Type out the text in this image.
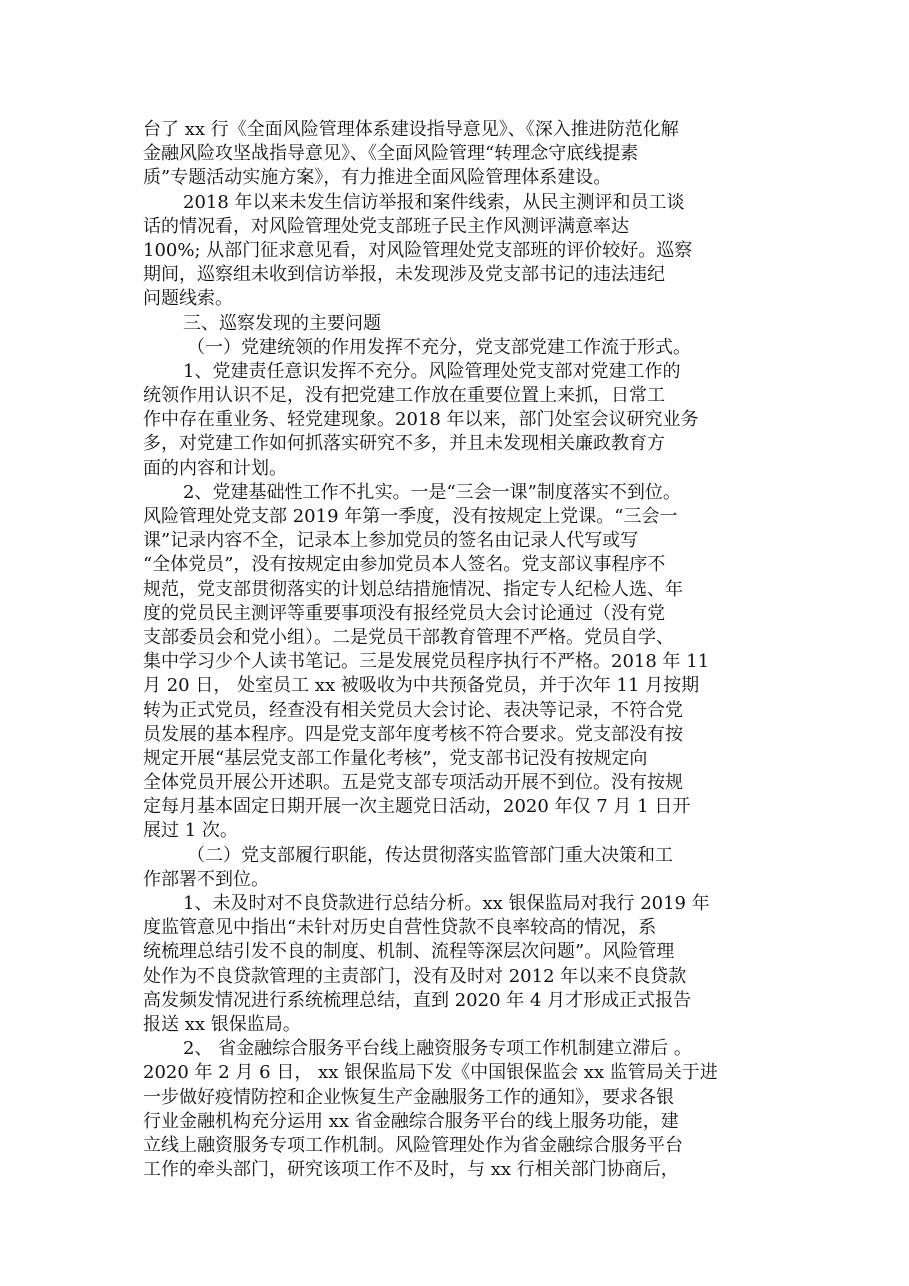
台了 xx 行《全面风险管理体系建设指导意见》、《深入推进防范化解
金融风险攻坚战指导意见》、《全面风险管理“转理念守底线提素
质”专题活动实施方案》，有力推进全面风险管理体系建设。
2018 年以来未发生信访举报和案件线索，从民主测评和员工谈
话的情况看，对风险管理处党支部班子民主作风测评满意率达
100%; 从部门征求意见看，对风险管理处党支部班的评价较好。巡察
期间，巡察组未收到信访举报，未发现涉及党支部书记的违法违纪
问题线索。
三、巡察发现的主要问题
（一）党建统领的作用发挥不充分，党支部党建工作流于形式。
1、党建责任意识发挥不充分。风险管理处党支部对党建工作的
统领作用认识不足，没有把党建工作放在重要位置上来抓，日常工
作中存在重业务、轻党建现象。2018 年以来，部门处室会议研究业务
多，对党建工作如何抓落实研究不多，并且未发现相关廉政教育方
面的内容和计划。
2、党建基础性工作不扎实。一是“三会一课”制度落实不到位。
风险管理处党支部 2019 年第一季度，没有按规定上党课。“三会一
课”记录内容不全，记录本上参加党员的签名由记录人代写或写
“全体党员”，没有按规定由参加党员本人签名。党支部议事程序不
规范，党支部贯彻落实的计划总结措施情况、指定专人纪检人选、年
度的党员民主测评等重要事项没有报经党员大会讨论通过（没有党
支部委员会和党小组）。二是党员干部教育管理不严格。党员自学、
集中学习少个人读书笔记。三是发展党员程序执行不严格。2018 年 11
月 20 日， 处室员工 xx 被吸收为中共预备党员，并于次年 11 月按期
转为正式党员，经查没有相关党员大会讨论、表决等记录，不符合党
员发展的基本程序。四是党支部年度考核不符合要求。党支部没有按
规定开展“基层党支部工作量化考核”，党支部书记没有按规定向
全体党员开展公开述职。五是党支部专项活动开展不到位。没有按规
定每月基本固定日期开展一次主题党日活动，2020 年仅 7 月 1 日开
展过 1 次。
（二）党支部履行职能，传达贯彻落实监管部门重大决策和工
作部署不到位。
1、未及时对不良贷款进行总结分析。xx 银保监局对我行 2019 年
度监管意见中指出“未针对历史自营性贷款不良率较高的情况，系
统梳理总结引发不良的制度、机制、流程等深层次问题”。风险管理
处作为不良贷款管理的主责部门，没有及时对 2012 年以来不良贷款
高发频发情况进行系统梳理总结，直到 2020 年 4 月才形成正式报告
报送 xx 银保监局。
2、 省金融综合服务平台线上融资服务专项工作机制建立滞后 。
2020 年 2 月 6 日， xx 银保监局下发《中国银保监会 xx 监管局关于进
一步做好疫情防控和企业恢复生产金融服务工作的通知》，要求各银
行业金融机构充分运用 xx 省金融综合服务平台的线上服务功能，建
立线上融资服务专项工作机制。风险管理处作为省金融综合服务平台
工作的牵头部门，研究该项工作不及时，与 xx 行相关部门协商后，
